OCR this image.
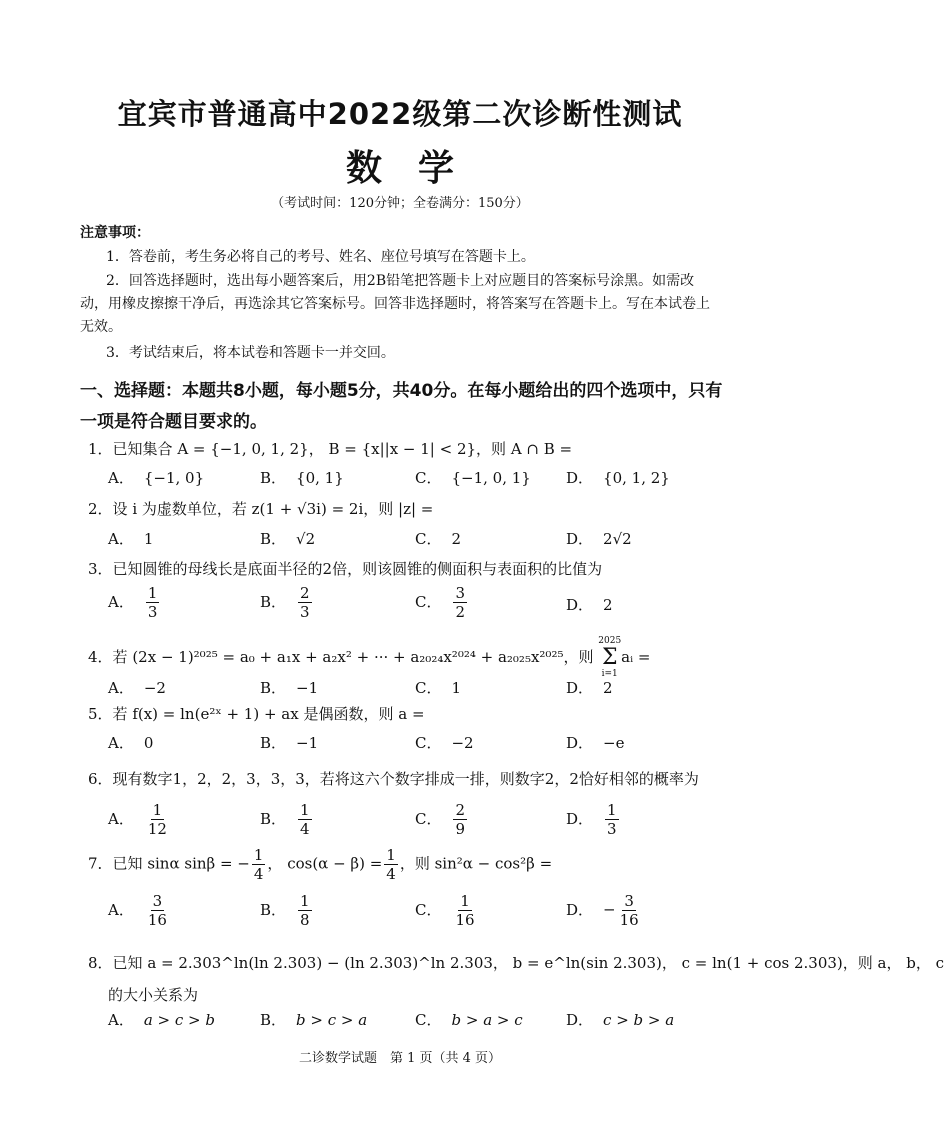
宜宾市普通高中2022级第二次诊断性测试
数学
（考试时间：120分钟；全卷满分：150分）
注意事项：
1．答卷前，考生务必将自己的考号、姓名、座位号填写在答题卡上。
2．回答选择题时，选出每小题答案后，用2B铅笔把答题卡上对应题目的答案标号涂黑。如需改动，用橡皮擦擦干净后，再选涂其它答案标号。回答非选择题时，将答案写在答题卡上。写在本试卷上无效。
3．考试结束后，将本试卷和答题卡一并交回。
一、选择题：本题共8小题，每小题5分，共40分。在每小题给出的四个选项中，只有一项是符合题目要求的。
1．已知集合 A = {−1, 0, 1, 2}， B = {x||x − 1| < 2}，则 A ∩ B =
A． {−1, 0}	B． {0, 1}	C． {−1, 0, 1} D． {0, 1, 2}
2．设 i 为虚数单位，若 z(1 + √3i) = 2i，则 |z| =
A． 1	B． √2	C． 2	D． 2√2
3．已知圆锥的母线长是底面半径的2倍，则该圆锥的侧面积与表面积的比值为
A． $\frac{1}{3}$	B． $\frac{2}{3}$	C． $\frac{3}{2}$	D． 2
4．若 (2x − 1)²⁰²⁵ = a₀ + a₁x + a₂x² + ··· + a₂₀₂₄x²⁰²⁴ + a₂₀₂₅x²⁰²⁵，则
2025
Σ
i=1
aᵢ =
A． −2	B． −1	C． 1	D． 2
5．若 f(x) = ln(e²ˣ + 1) + ax 是偶函数，则 a =
A． 0	B． −1	C． −2	D． −e
6．现有数字1，2，2，3，3，3，若将这六个数字排成一排，则数字2，2恰好相邻的概率为
A． $\frac{1}{12}$	B． $\frac{1}{4}$	C． $\frac{2}{9}$	D． $\frac{1}{3}$
7．已知 sinα sinβ = − $\frac{1}{4}$ ， $\cos(\alpha - \beta) = \frac{1}{4}$ ，则 sin²α − cos²β =
A． $\frac{3}{16}$	B． $\frac{1}{8}$	C． $\frac{1}{16}$	D． − $\frac{3}{16}$
8．已知 a = 2.303^ln(ln 2.303) − (ln 2.303)^ln 2.303， b = e^ln(sin 2.303)， c = ln(1 + cos 2.303)，则 a， b， c
的大小关系为
A． a > c > b	B． b > c > a	C． b > a > c	D． c > b > a
二诊数学试题　第 1 页（共 4 页）
